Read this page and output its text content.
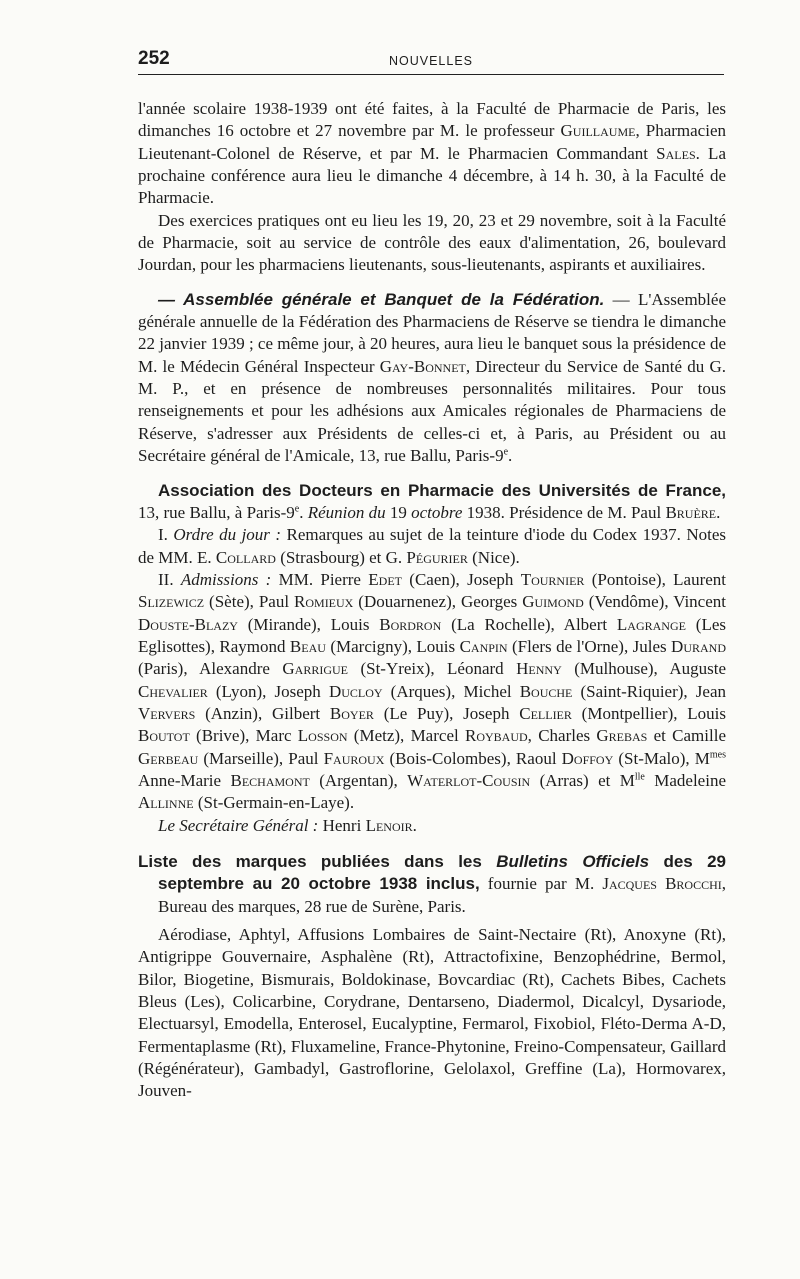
252	NOUVELLES

l'année scolaire 1938-1939 ont été faites, à la Faculté de Pharmacie de Paris, les dimanches 16 octobre et 27 novembre par M. le professeur Guillaume, Pharmacien Lieutenant-Colonel de Réserve, et par M. le Pharmacien Commandant Sales. La prochaine conférence aura lieu le dimanche 4 décembre, à 14 h. 30, à la Faculté de Pharmacie.

Des exercices pratiques ont eu lieu les 19, 20, 23 et 29 novembre, soit à la Faculté de Pharmacie, soit au service de contrôle des eaux d'alimentation, 26, boulevard Jourdan, pour les pharmaciens lieutenants, sous-lieutenants, aspirants et auxiliaires.

— Assemblée générale et Banquet de la Fédération. — L'Assemblée générale annuelle de la Fédération des Pharmaciens de Réserve se tiendra le dimanche 22 janvier 1939 ; ce même jour, à 20 heures, aura lieu le banquet sous la présidence de M. le Médecin Général Inspecteur Gay-Bonnet, Directeur du Service de Santé du G. M. P., et en présence de nombreuses personnalités militaires. Pour tous renseignements et pour les adhésions aux Amicales régionales de Pharmaciens de Réserve, s'adresser aux Présidents de celles-ci et, à Paris, au Président ou au Secrétaire général de l'Amicale, 13, rue Ballu, Paris-9e.

Association des Docteurs en Pharmacie des Universités de France, 13, rue Ballu, à Paris-9e. Réunion du 19 octobre 1938. Présidence de M. Paul Bruère.

I. Ordre du jour : Remarques au sujet de la teinture d'iode du Codex 1937. Notes de MM. E. Collard (Strasbourg) et G. Pégurier (Nice).

II. Admissions : MM. Pierre Edet (Caen), Joseph Tournier (Pontoise), Laurent Slizewicz (Sète), Paul Romieux (Douarnenez), Georges Guimond (Vendôme), Vincent Douste-Blazy (Mirande), Louis Bordron (La Rochelle), Albert Lagrange (Les Eglisottes), Raymond Beau (Marcigny), Louis Canpin (Flers de l'Orne), Jules Durand (Paris), Alexandre Garrigue (St-Yreix), Léonard Henny (Mulhouse), Auguste Chevalier (Lyon), Joseph Ducloy (Arques), Michel Bouche (Saint-Riquier), Jean Ververs (Anzin), Gilbert Boyer (Le Puy), Joseph Cellier (Montpellier), Louis Boutot (Brive), Marc Losson (Metz), Marcel Roybaud, Charles Grebas et Camille Gerbeau (Marseille), Paul Fauroux (Bois-Colombes), Raoul Doffoy (St-Malo), $M^{mes}$ Anne-Marie Bechamont (Argentan), Waterlot-Cousin (Arras) et $M^{lle}$ Madeleine Allinne (St-Germain-en-Laye).

Le Secrétaire Général : Henri Lenoir.

Liste des marques publiées dans les Bulletins Officiels des 29 septembre au 20 octobre 1938 inclus, fournie par M. Jacques Brocchi, Bureau des marques, 28 rue de Surène, Paris.

Aérodiase, Aphtyl, Affusions Lombaires de Saint-Nectaire (Rt), Anoxyne (Rt), Antigrippe Gouvernaire, Asphalène (Rt), Attractofixine, Benzophédrine, Bermol, Bilor, Biogetine, Bismurais, Boldokinase, Bovcardiac (Rt), Cachets Bibes, Cachets Bleus (Les), Colicarbine, Corydrane, Dentarseno, Diadermol, Dicalcyl, Dysariode, Electuarsyl, Emodella, Enterosel, Eucalyptine, Fermarol, Fixobiol, Fléto-Derma A-D, Fermentaplasme (Rt), Fluxameline, France-Phytonine, Freino-Compensateur, Gaillard (Régénérateur), Gambadyl, Gastroflorine, Gelolaxol, Greffine (La), Hormovarex, Jouven-
